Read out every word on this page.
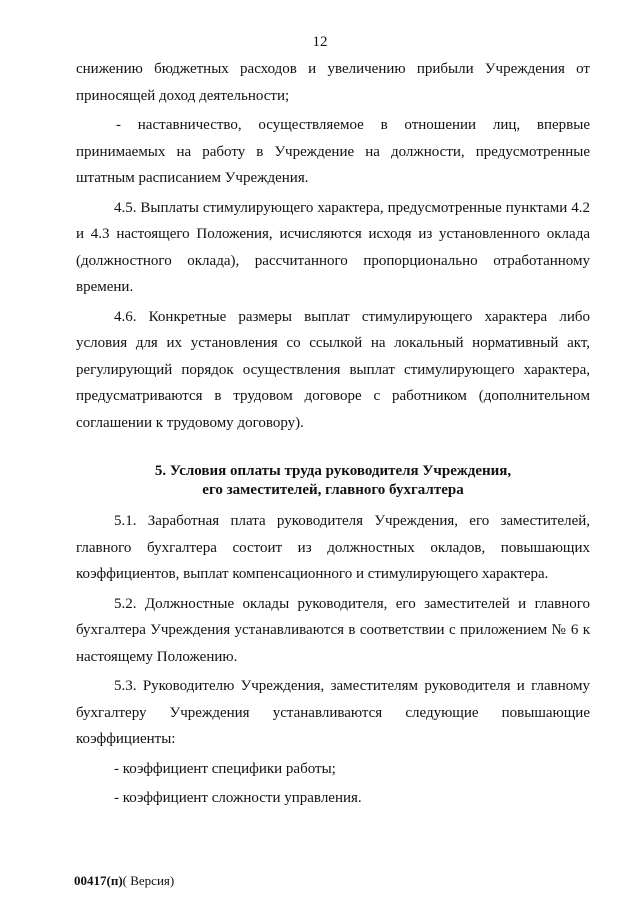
12

снижению бюджетных расходов и увеличению прибыли Учреждения от приносящей доход деятельности;

- наставничество, осуществляемое в отношении лиц, впервые принимаемых на работу в Учреждение на должности, предусмотренные штатным расписанием Учреждения.

4.5. Выплаты стимулирующего характера, предусмотренные пунктами 4.2 и 4.3 настоящего Положения, исчисляются исходя из установленного оклада (должностного оклада), рассчитанного пропорционально отработанному времени.

4.6. Конкретные размеры выплат стимулирующего характера либо условия для их установления со ссылкой на локальный нормативный акт, регулирующий порядок осуществления выплат стимулирующего характера, предусматриваются в трудовом договоре с работником (дополнительном соглашении к трудовому договору).

5. Условия оплаты труда руководителя Учреждения,
его заместителей, главного бухгалтера

5.1. Заработная плата руководителя Учреждения, его заместителей, главного бухгалтера состоит из должностных окладов, повышающих коэффициентов, выплат компенсационного и стимулирующего характера.

5.2. Должностные оклады руководителя, его заместителей и главного бухгалтера Учреждения устанавливаются в соответствии с приложением № 6 к настоящему Положению.

5.3. Руководителю Учреждения, заместителям руководителя и главному бухгалтеру Учреждения устанавливаются следующие повышающие коэффициенты:

- коэффициент специфики работы;
- коэффициент сложности управления.
00417(п)( Версия)
